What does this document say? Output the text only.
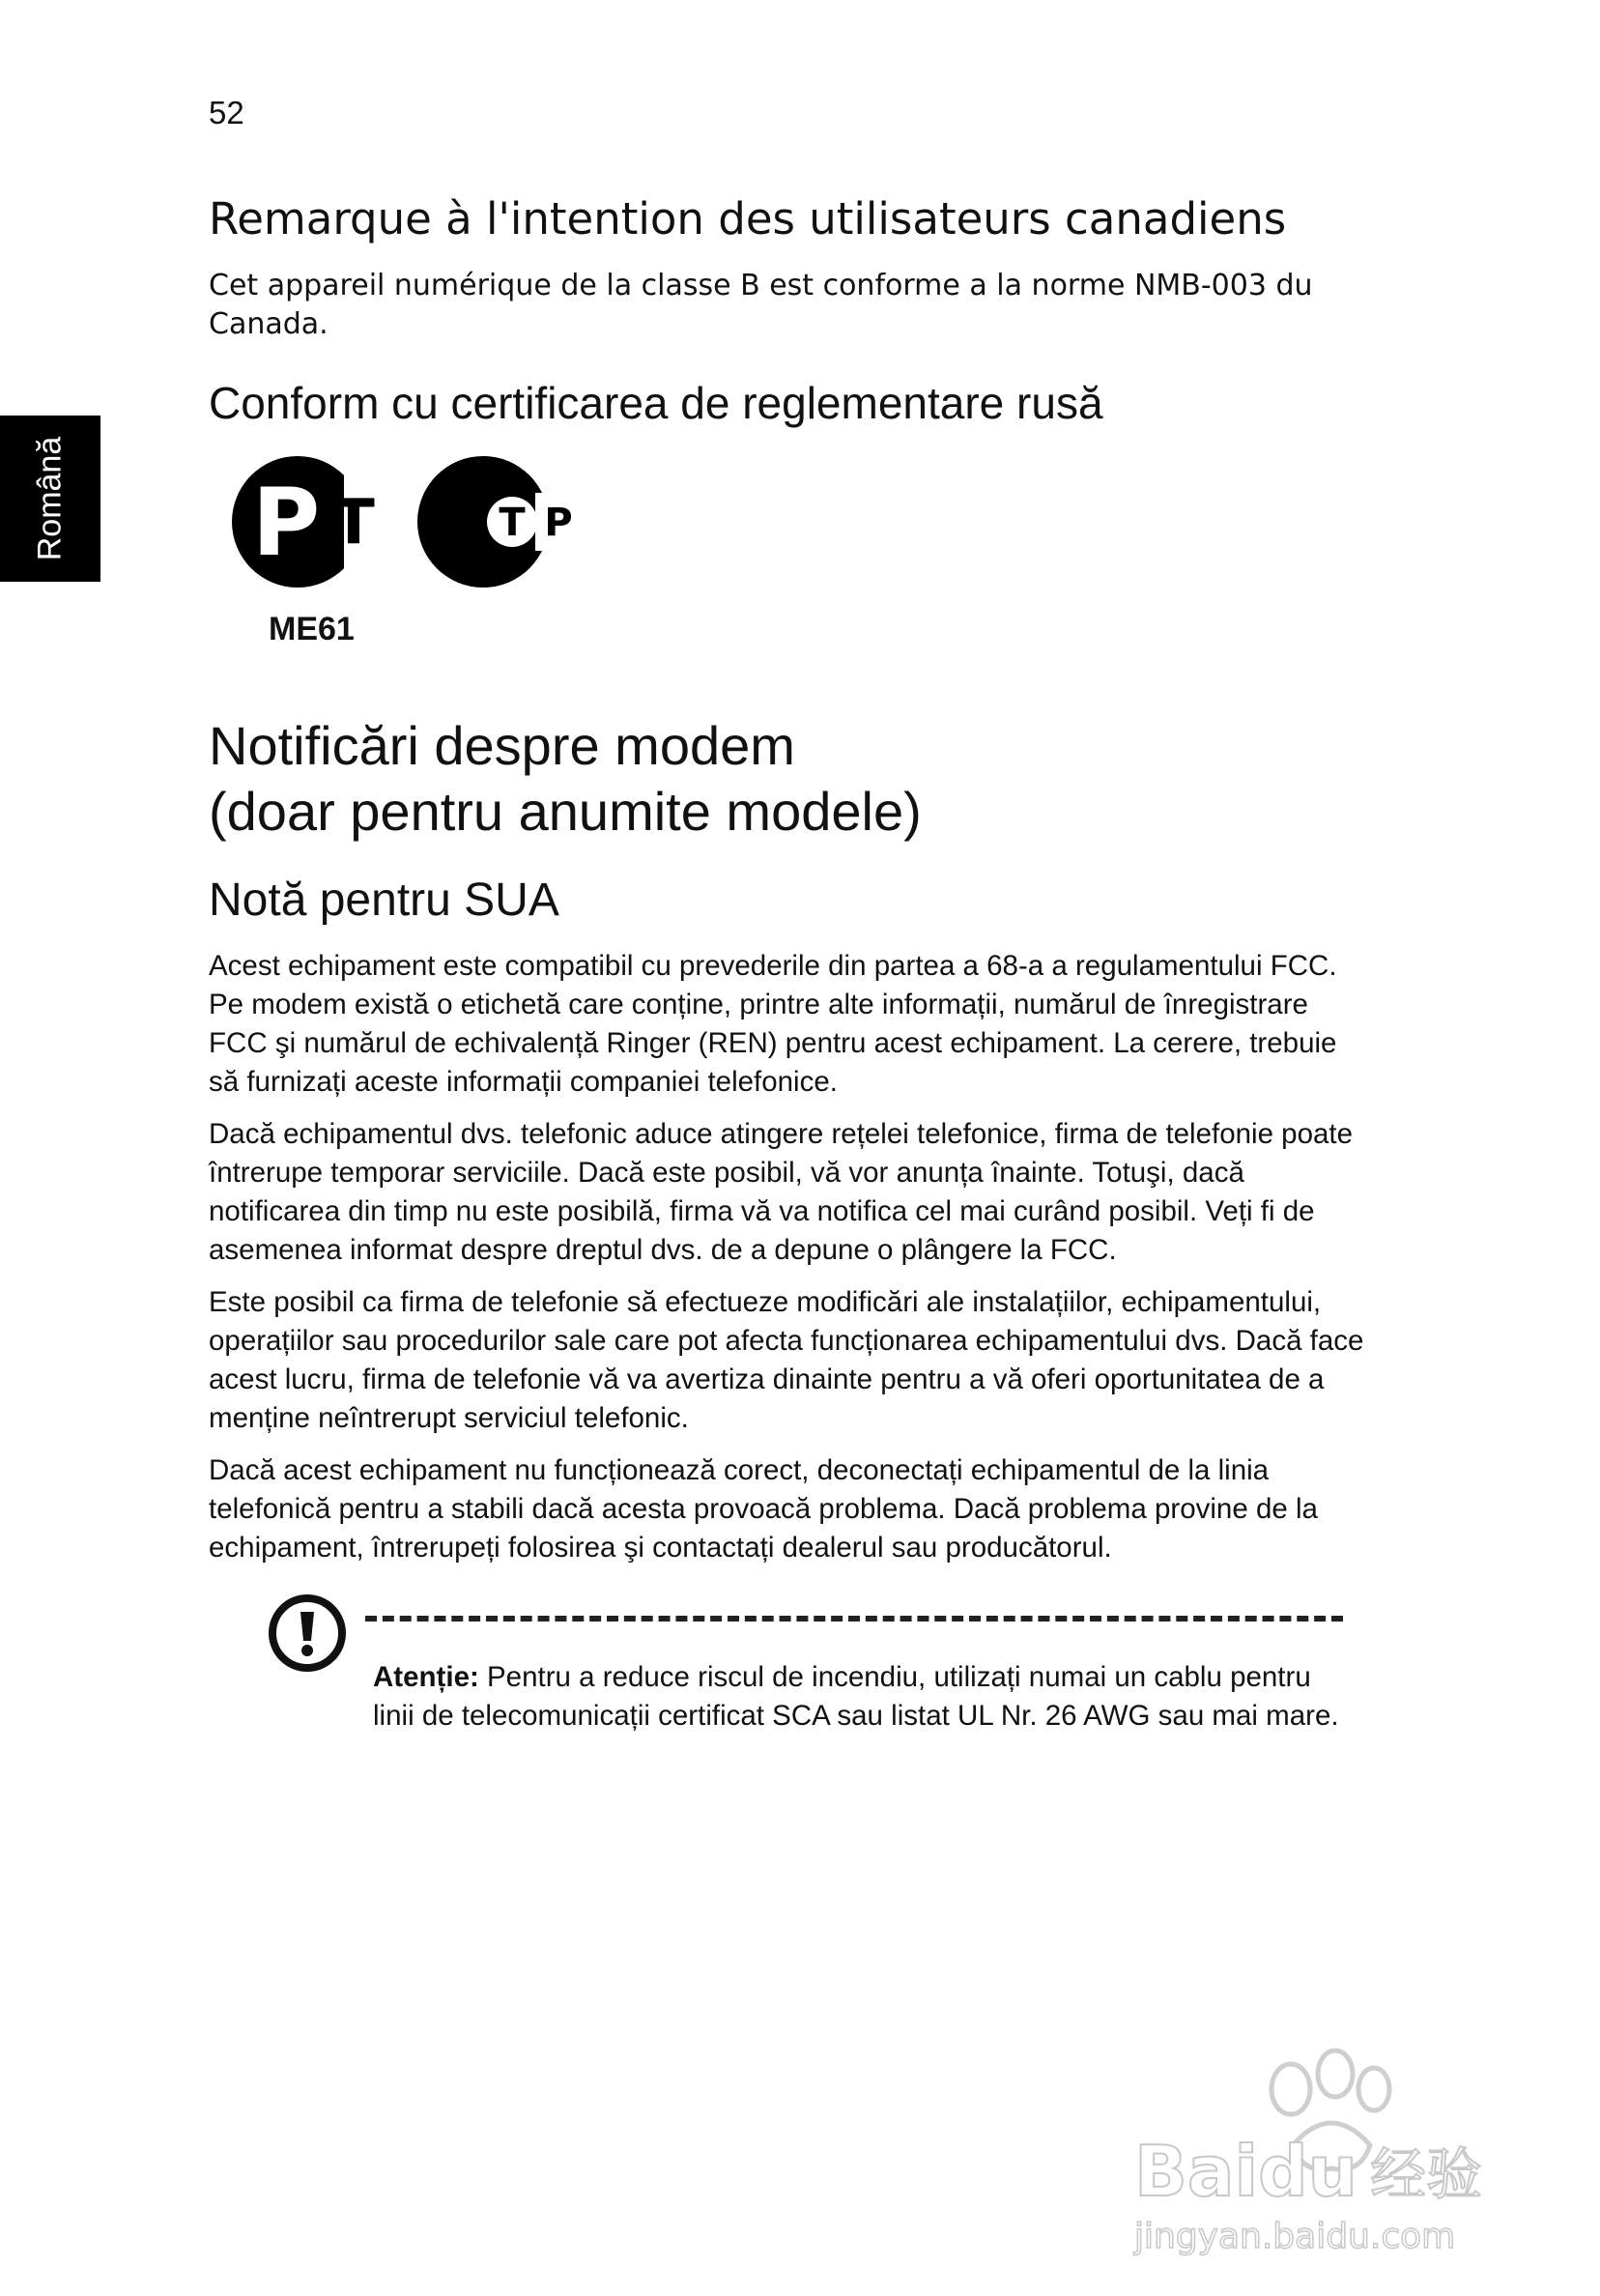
52
Română
Remarque à l'intention des utilisateurs canadiens

Cet appareil numérique de la classe B est conforme a la norme NMB-003 du Canada.

Conform cu certificarea de reglementare rusă
P T	T P
ME61
Notificări despre modem
(doar pentru anumite modele)
Notă pentru SUA

Acest echipament este compatibil cu prevederile din partea a 68-a a regulamentului FCC. Pe modem există o etichetă care conține, printre alte informații, numărul de înregistrare FCC şi numărul de echivalență Ringer (REN) pentru acest echipament. La cerere, trebuie să furnizați aceste informații companiei telefonice.

Dacă echipamentul dvs. telefonic aduce atingere rețelei telefonice, firma de telefonie poate întrerupe temporar serviciile. Dacă este posibil, vă vor anunța înainte. Totuşi, dacă notificarea din timp nu este posibilă, firma vă va notifica cel mai curând posibil. Veți fi de asemenea informat despre dreptul dvs. de a depune o plângere la FCC.

Este posibil ca firma de telefonie să efectueze modificări ale instalațiilor, echipamentului, operațiilor sau procedurilor sale care pot afecta funcționarea echipamentului dvs. Dacă face acest lucru, firma de telefonie vă va avertiza dinainte pentru a vă oferi oportunitatea de a menține neîntrerupt serviciul telefonic.

Dacă acest echipament nu funcționează corect, deconectați echipamentul de la linia telefonică pentru a stabili dacă acesta provoacă problema. Dacă problema provine de la echipament, întrerupeți folosirea şi contactați dealerul sau producătorul.

Atenție: Pentru a reduce riscul de incendiu, utilizați numai un cablu pentru linii de telecomunicații certificat SCA sau listat UL Nr. 26 AWG sau mai mare.

Baidu 经验
jingyan.baidu.com
